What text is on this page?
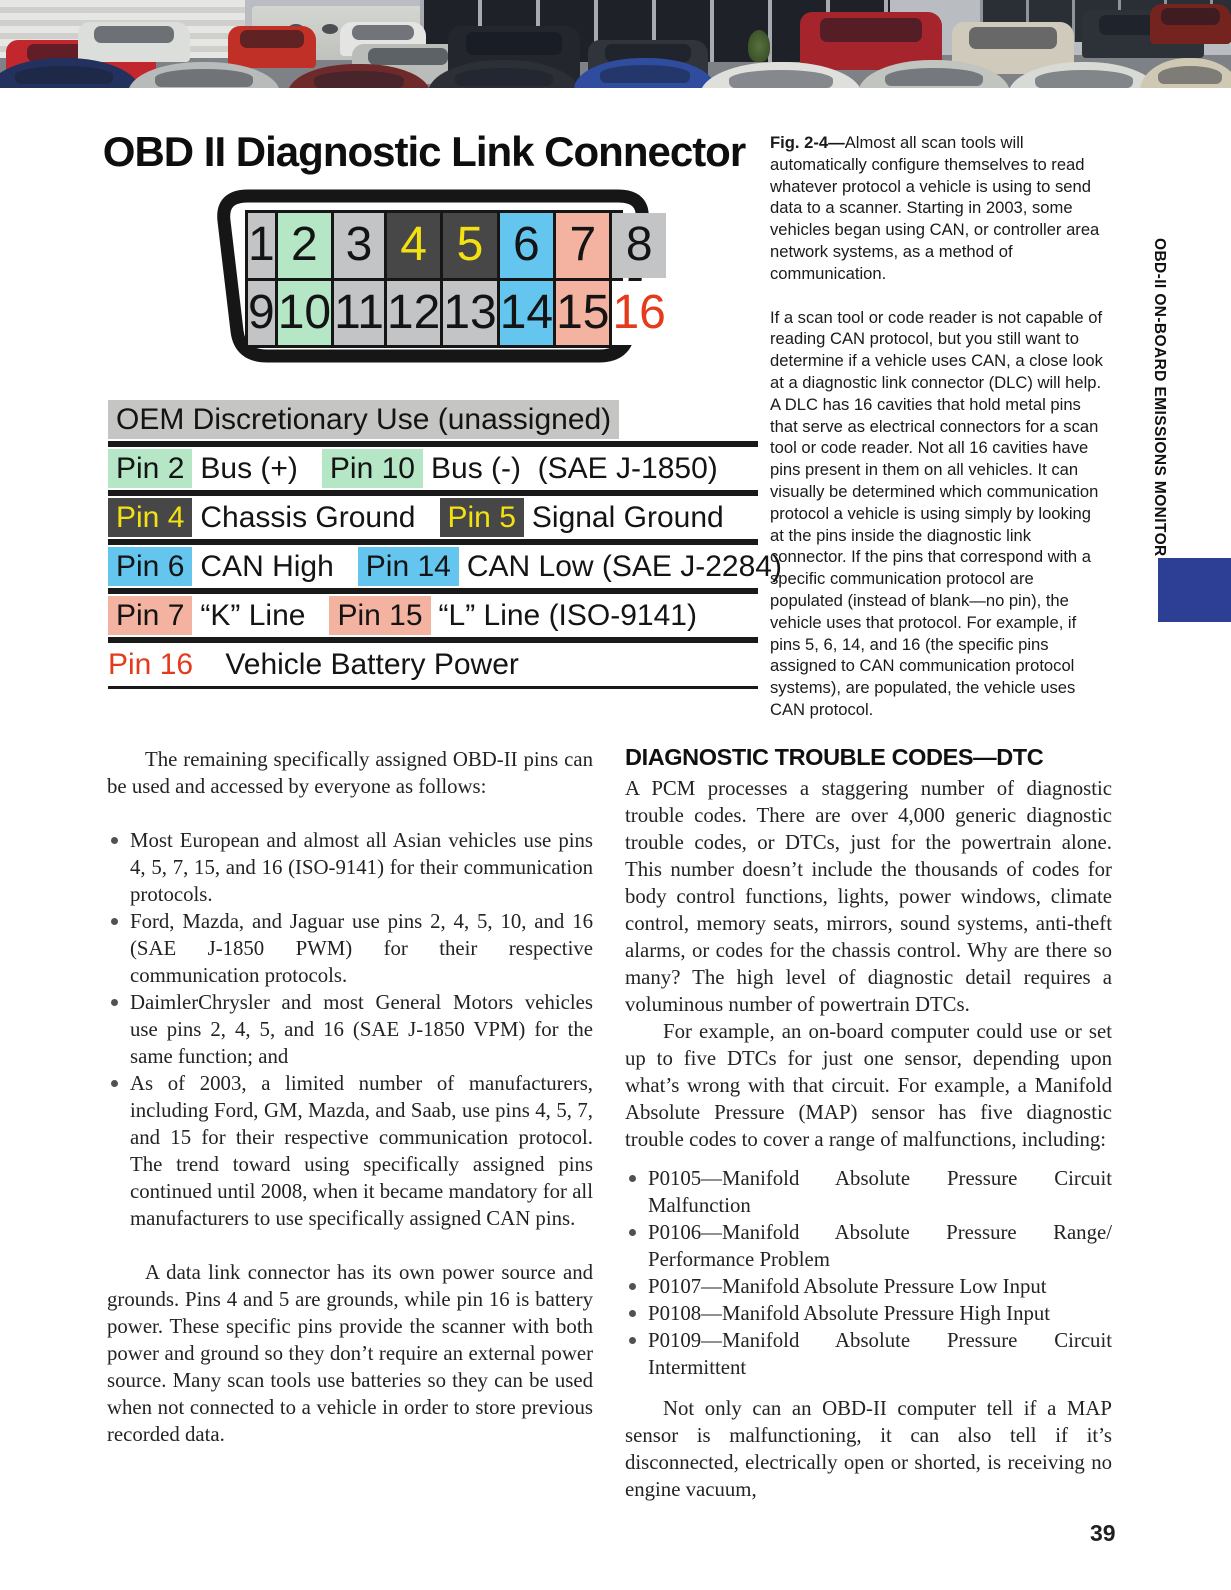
OBD II Diagnostic Link Connector
1 2 3 4 5 6 7 8
9 10 11 12 13 14 15 16
OEM Discretionary Use (unassigned)
Pin 2 Bus (+) Pin 10 Bus (-)  (SAE J-1850)
Pin 4 Chassis Ground Pin 5 Signal Ground
Pin 6 CAN High Pin 14 CAN Low (SAE J-2284)
Pin 7 “K” Line Pin 15 “L” Line (ISO-9141)
Pin 16 Vehicle Battery Power

Fig. 2-4—Almost all scan tools will automatically configure themselves to read whatever protocol a vehicle is using to send data to a scanner. Starting in 2003, some vehicles began using CAN, or controller area network systems, as a method of communication.

If a scan tool or code reader is not capable of reading CAN protocol, but you still want to determine if a vehicle uses CAN, a close look at a diagnostic link connector (DLC) will help. A DLC has 16 cavities that hold metal pins that serve as electrical connectors for a scan tool or code reader. Not all 16 cavities have pins present in them on all vehicles. It can visually be determined which communication protocol a vehicle is using simply by looking at the pins inside the diagnostic link connector. If the pins that correspond with a specific communication protocol are populated (instead of blank—no pin), the vehicle uses that protocol. For example, if pins 5, 6, 14, and 16 (the specific pins assigned to CAN communication protocol systems), are populated, the vehicle uses CAN protocol.

OBD-II ON-BOARD EMISSIONS MONITOR

The remaining specifically assigned OBD-II pins can be used and accessed by everyone as follows:

Most European and almost all Asian vehicles use pins 4, 5, 7, 15, and 16 (ISO-9141) for their communication protocols.
Ford, Mazda, and Jaguar use pins 2, 4, 5, 10, and 16 (SAE J-1850 PWM) for their respective communication protocols.
DaimlerChrysler and most General Motors vehicles use pins 2, 4, 5, and 16 (SAE J-1850 VPM) for the same function; and
As of 2003, a limited number of manufacturers, including Ford, GM, Mazda, and Saab, use pins 4, 5, 7, and 15 for their respective communication protocol. The trend toward using specifically assigned pins continued until 2008, when it became mandatory for all manufacturers to use specifically assigned CAN pins.

A data link connector has its own power source and grounds. Pins 4 and 5 are grounds, while pin 16 is battery power. These specific pins provide the scanner with both power and ground so they don’t require an external power source. Many scan tools use batteries so they can be used when not connected to a vehicle in order to store previous recorded data.

DIAGNOSTIC TROUBLE CODES—DTC

A PCM processes a staggering number of diagnostic trouble codes. There are over 4,000 generic diagnostic trouble codes, or DTCs, just for the powertrain alone. This number doesn’t include the thousands of codes for body control functions, lights, power windows, climate control, memory seats, mirrors, sound systems, anti-theft alarms, or codes for the chassis control. Why are there so many? The high level of diagnostic detail requires a voluminous number of powertrain DTCs.

For example, an on-board computer could use or set up to five DTCs for just one sensor, depending upon what’s wrong with that circuit. For example, a Manifold Absolute Pressure (MAP) sensor has five diagnostic trouble codes to cover a range of malfunctions, including:

P0105—Manifold Absolute Pressure Circuit Malfunction
P0106—Manifold Absolute Pressure Range/ Performance Problem
P0107—Manifold Absolute Pressure Low Input
P0108—Manifold Absolute Pressure High Input
P0109—Manifold Absolute Pressure Circuit Intermittent

Not only can an OBD-II computer tell if a MAP sensor is malfunctioning, it can also tell if it’s disconnected, electrically open or shorted, is receiving no engine vacuum,

39
